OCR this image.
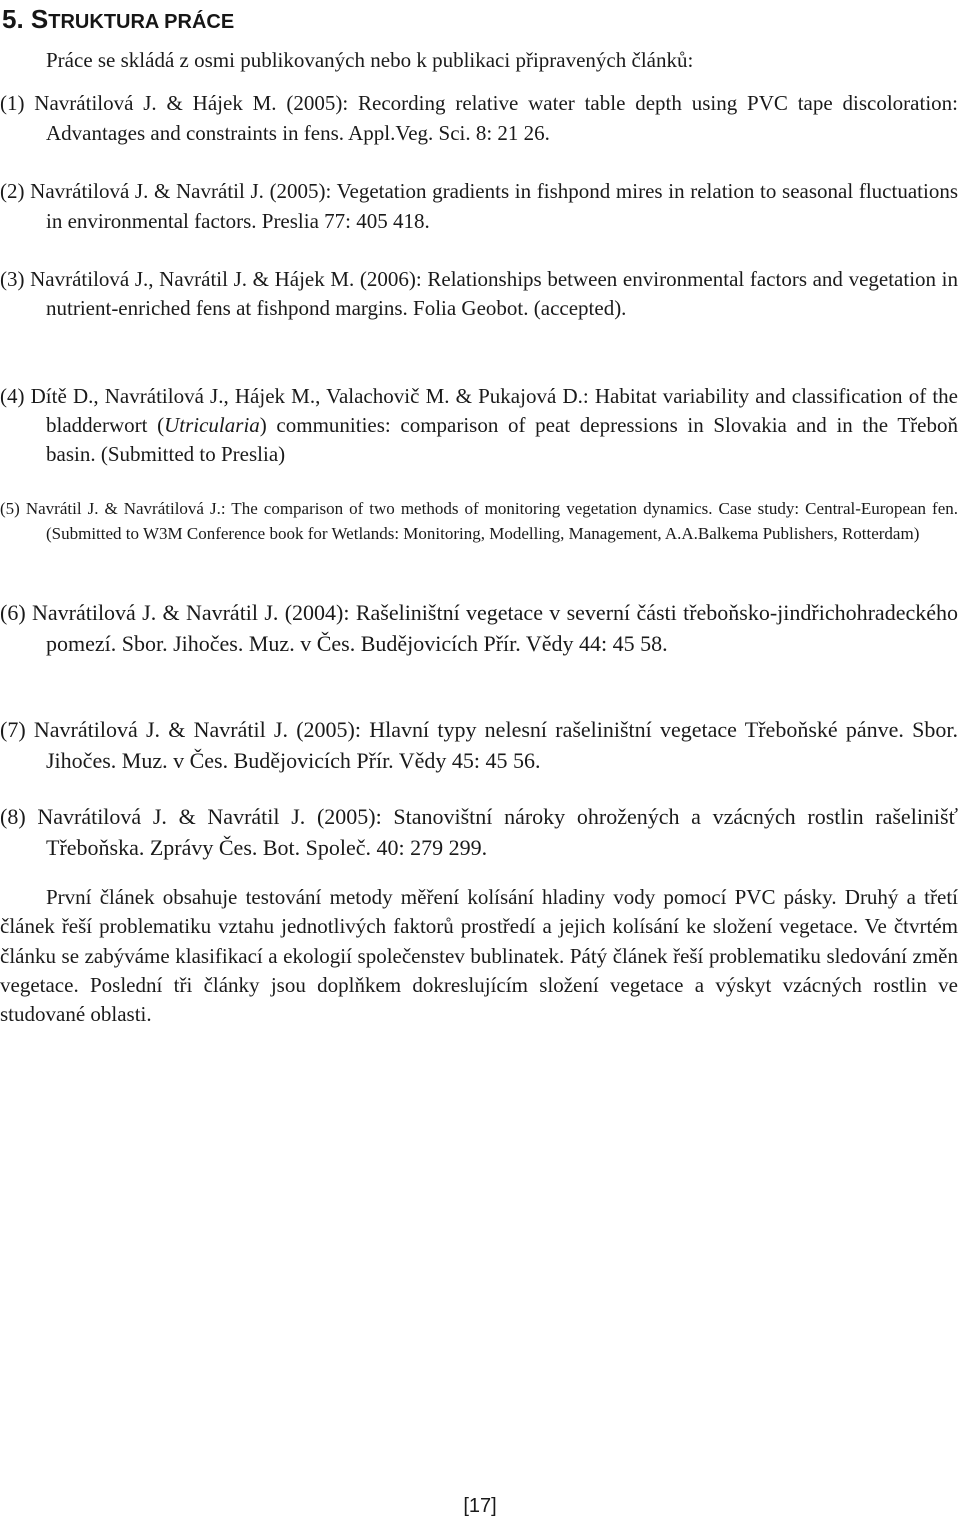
5. STRUKTURA PRÁCE

Práce se skládá z osmi publikovaných nebo k publikaci připravených článků:

(1) Navrátilová J. & Hájek M. (2005): Recording relative water table depth using PVC tape discoloration: Advantages and constraints in fens. Appl.Veg. Sci. 8: 21 26.

(2) Navrátilová J. & Navrátil J. (2005): Vegetation gradients in fishpond mires in relation to seasonal fluctuations in environmental factors. Preslia 77: 405 418.

(3) Navrátilová J., Navrátil J. & Hájek M. (2006): Relationships between environmental factors and vegetation in nutrient-enriched fens at fishpond margins. Folia Geobot. (accepted).

(4) Dítě D., Navrátilová J., Hájek M., Valachovič M. & Pukajová D.: Habitat variability and classification of the bladderwort (Utricularia) communities: comparison of peat depressions in Slovakia and in the Třeboň basin. (Submitted to Preslia)

(5) Navrátil J. & Navrátilová J.: The comparison of two methods of monitoring vegetation dynamics. Case study: Central-European fen. (Submitted to W3M Conference book for Wetlands: Monitoring, Modelling, Management, A.A.Balkema Publishers, Rotterdam)

(6) Navrátilová J. & Navrátil J. (2004): Rašeliništní vegetace v severní části třeboňsko-jindřichohradeckého pomezí. Sbor. Jihočes. Muz. v Čes. Budějovicích Přír. Vědy 44: 45 58.

(7) Navrátilová J. & Navrátil J. (2005): Hlavní typy nelesní rašeliništní vegetace Třeboňské pánve. Sbor. Jihočes. Muz. v Čes. Budějovicích Přír. Vědy 45: 45 56.

(8) Navrátilová J. & Navrátil J. (2005): Stanovištní nároky ohrožených a vzácných rostlin rašelinišť Třeboňska. Zprávy Čes. Bot. Společ. 40: 279 299.

První článek obsahuje testování metody měření kolísání hladiny vody pomocí PVC pásky. Druhý a třetí článek řeší problematiku vztahu jednotlivých faktorů prostředí a jejich kolísání ke složení vegetace. Ve čtvrtém článku se zabýváme klasifikací a ekologií společenstev bublinatek. Pátý článek řeší problematiku sledování změn vegetace. Poslední tři články jsou doplňkem dokreslujícím složení vegetace a výskyt vzácných rostlin ve studované oblasti.

[17]
